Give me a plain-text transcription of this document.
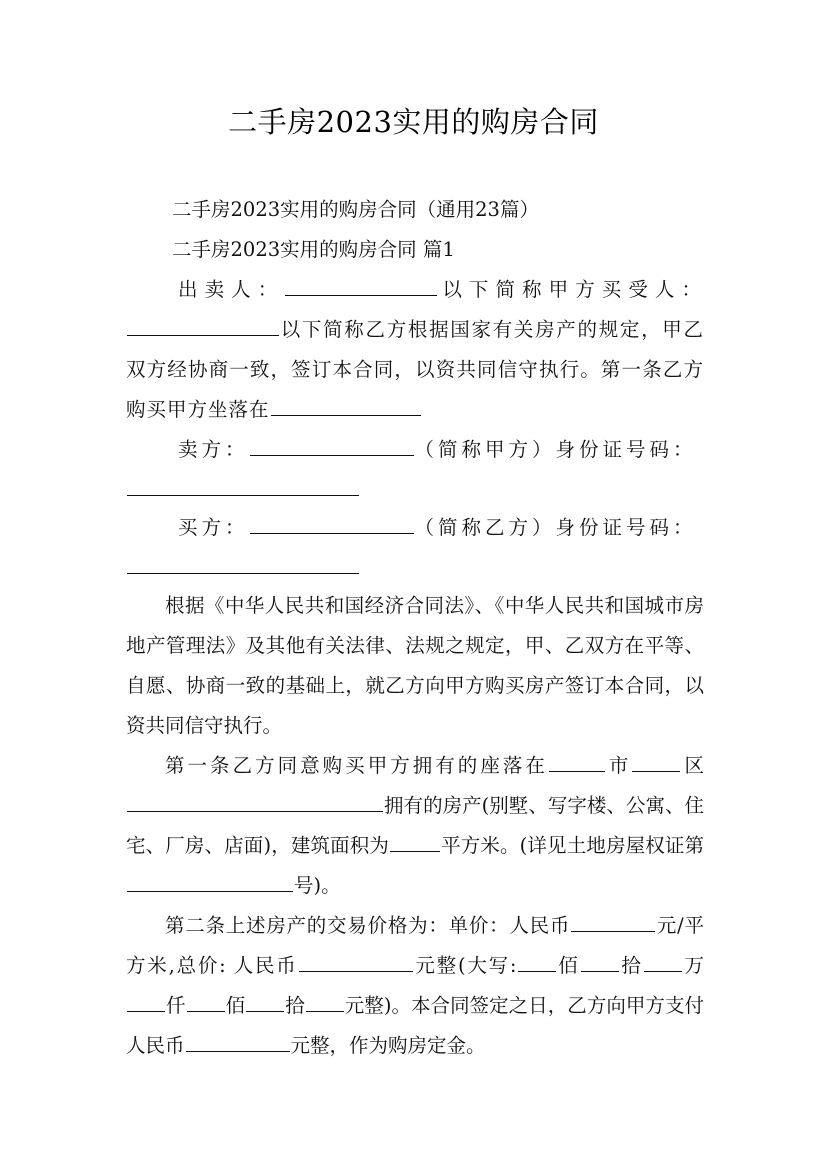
二手房2023实用的购房合同

二手房2023实用的购房合同（通用23篇）

二手房2023实用的购房合同 篇1

出卖人：	以下简称甲方买受人：以下简称乙方根据国家有关房产的规定，甲乙双方经协商一致，签订本合同，以资共同信守执行。第一条乙方购买甲方坐落在

卖方：	（简称甲方）身份证号码：

买方：	（简称乙方）身份证号码：

根据《中华人民共和国经济合同法》、《中华人民共和国城市房地产管理法》及其他有关法律、法规之规定，甲、乙双方在平等、自愿、协商一致的基础上，就乙方向甲方购买房产签订本合同，以资共同信守执行。

第一条乙方同意购买甲方拥有的座落在	市	区拥有的房产(别墅、写字楼、公寓、住宅、厂房、店面)，建筑面积为	平方米。(详见土地房屋权证第号)。

第二条上述房产的交易价格为：单价：人民币	元/平方米,总价: 人民币	元整(大写: 佰 拾 万仟 佰 拾 元整)。本合同签定之日，乙方向甲方支付人民币	元整，作为购房定金。
